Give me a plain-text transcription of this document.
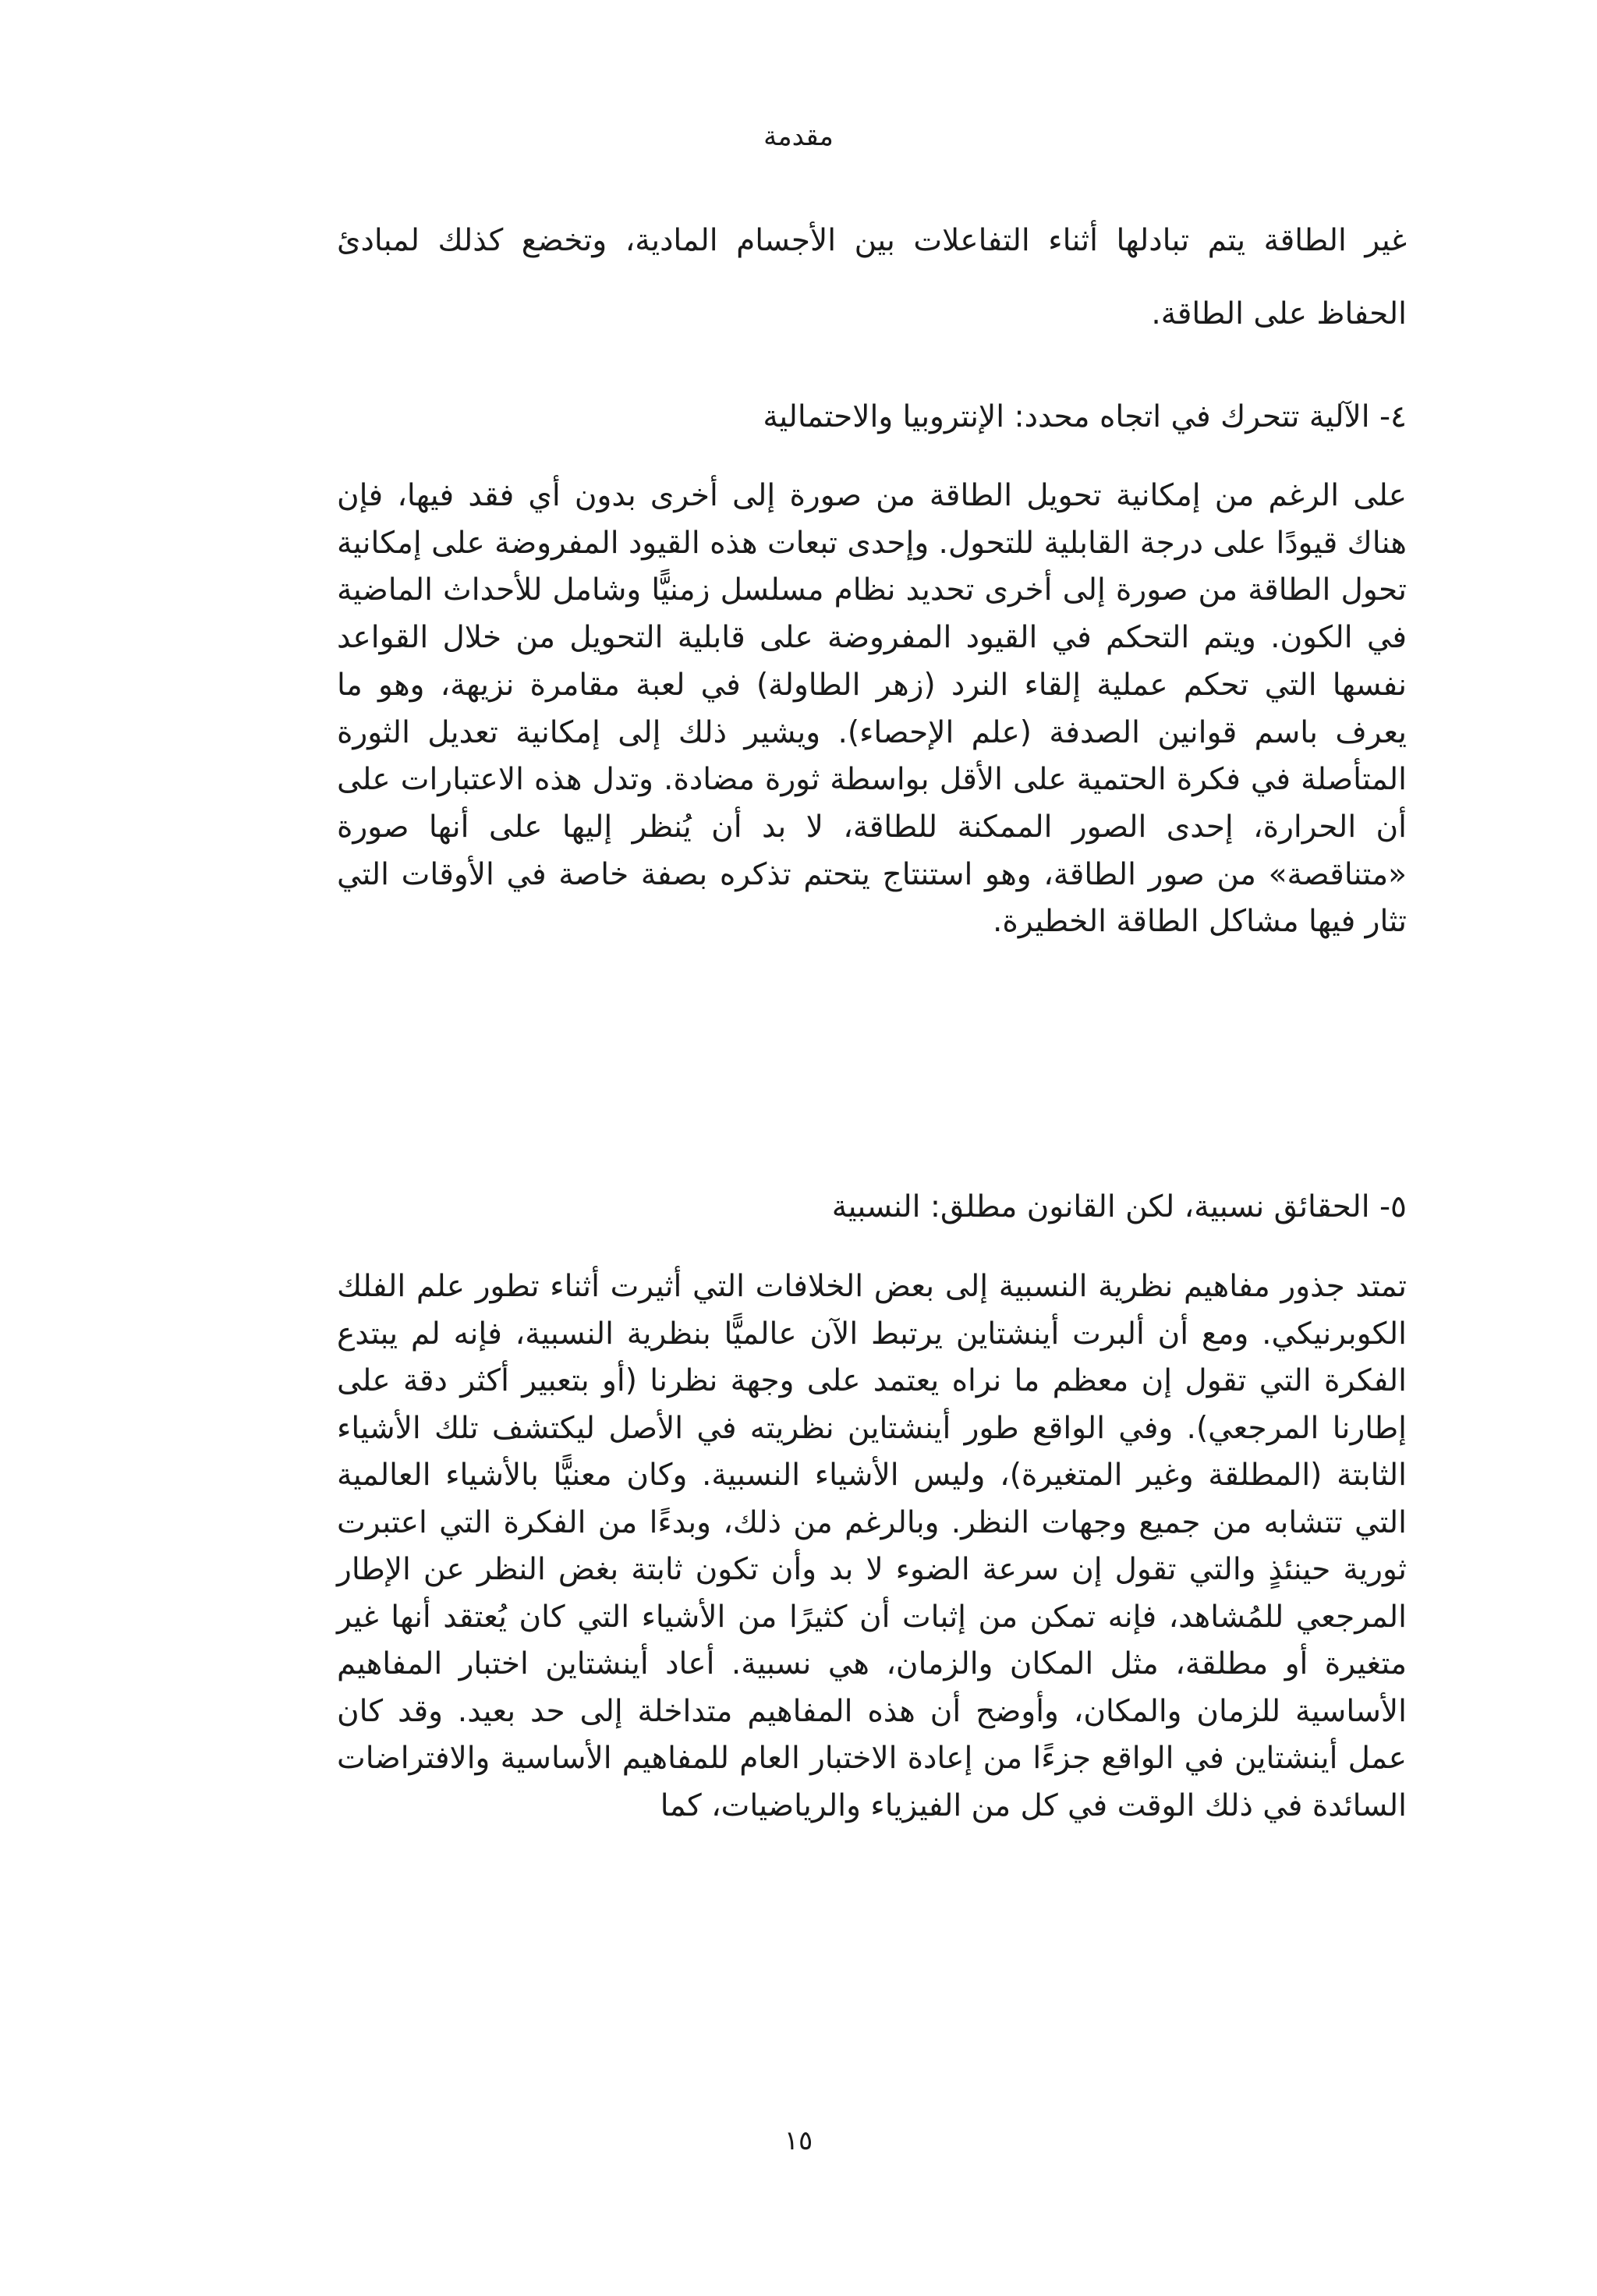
مقدمة

غير الطاقة يتم تبادلها أثناء التفاعلات بين الأجسام المادية، وتخضع كذلك لمبادئ الحفاظ على الطاقة.

٤- الآلية تتحرك في اتجاه محدد: الإنتروبيا والاحتمالية

على الرغم من إمكانية تحويل الطاقة من صورة إلى أخرى بدون أي فقد فيها، فإن هناك قيودًا على درجة القابلية للتحول. وإحدى تبعات هذه القيود المفروضة على إمكانية تحول الطاقة من صورة إلى أخرى تحديد نظام مسلسل زمنيًّا وشامل للأحداث الماضية في الكون. ويتم التحكم في القيود المفروضة على قابلية التحويل من خلال القواعد نفسها التي تحكم عملية إلقاء النرد (زهر الطاولة) في لعبة مقامرة نزيهة، وهو ما يعرف باسم قوانين الصدفة (علم الإحصاء). ويشير ذلك إلى إمكانية تعديل الثورة المتأصلة في فكرة الحتمية على الأقل بواسطة ثورة مضادة. وتدل هذه الاعتبارات على أن الحرارة، إحدى الصور الممكنة للطاقة، لا بد أن يُنظر إليها على أنها صورة «متناقصة» من صور الطاقة، وهو استنتاج يتحتم تذكره بصفة خاصة في الأوقات التي تثار فيها مشاكل الطاقة الخطيرة.

٥- الحقائق نسبية، لكن القانون مطلق: النسبية

تمتد جذور مفاهيم نظرية النسبية إلى بعض الخلافات التي أثيرت أثناء تطور علم الفلك الكوبرنيكي. ومع أن ألبرت أينشتاين يرتبط الآن عالميًّا بنظرية النسبية، فإنه لم يبتدع الفكرة التي تقول إن معظم ما نراه يعتمد على وجهة نظرنا (أو بتعبير أكثر دقة على إطارنا المرجعي). وفي الواقع طور أينشتاين نظريته في الأصل ليكتشف تلك الأشياء الثابتة (المطلقة وغير المتغيرة)، وليس الأشياء النسبية. وكان معنيًّا بالأشياء العالمية التي تتشابه من جميع وجهات النظر. وبالرغم من ذلك، وبدءًا من الفكرة التي اعتبرت ثورية حينئذٍ والتي تقول إن سرعة الضوء لا بد وأن تكون ثابتة بغض النظر عن الإطار المرجعي للمُشاهد، فإنه تمكن من إثبات أن كثيرًا من الأشياء التي كان يُعتقد أنها غير متغيرة أو مطلقة، مثل المكان والزمان، هي نسبية. أعاد أينشتاين اختبار المفاهيم الأساسية للزمان والمكان، وأوضح أن هذه المفاهيم متداخلة إلى حد بعيد. وقد كان عمل أينشتاين في الواقع جزءًا من إعادة الاختبار العام للمفاهيم الأساسية والافتراضات السائدة في ذلك الوقت في كل من الفيزياء والرياضيات، كما

١٥
